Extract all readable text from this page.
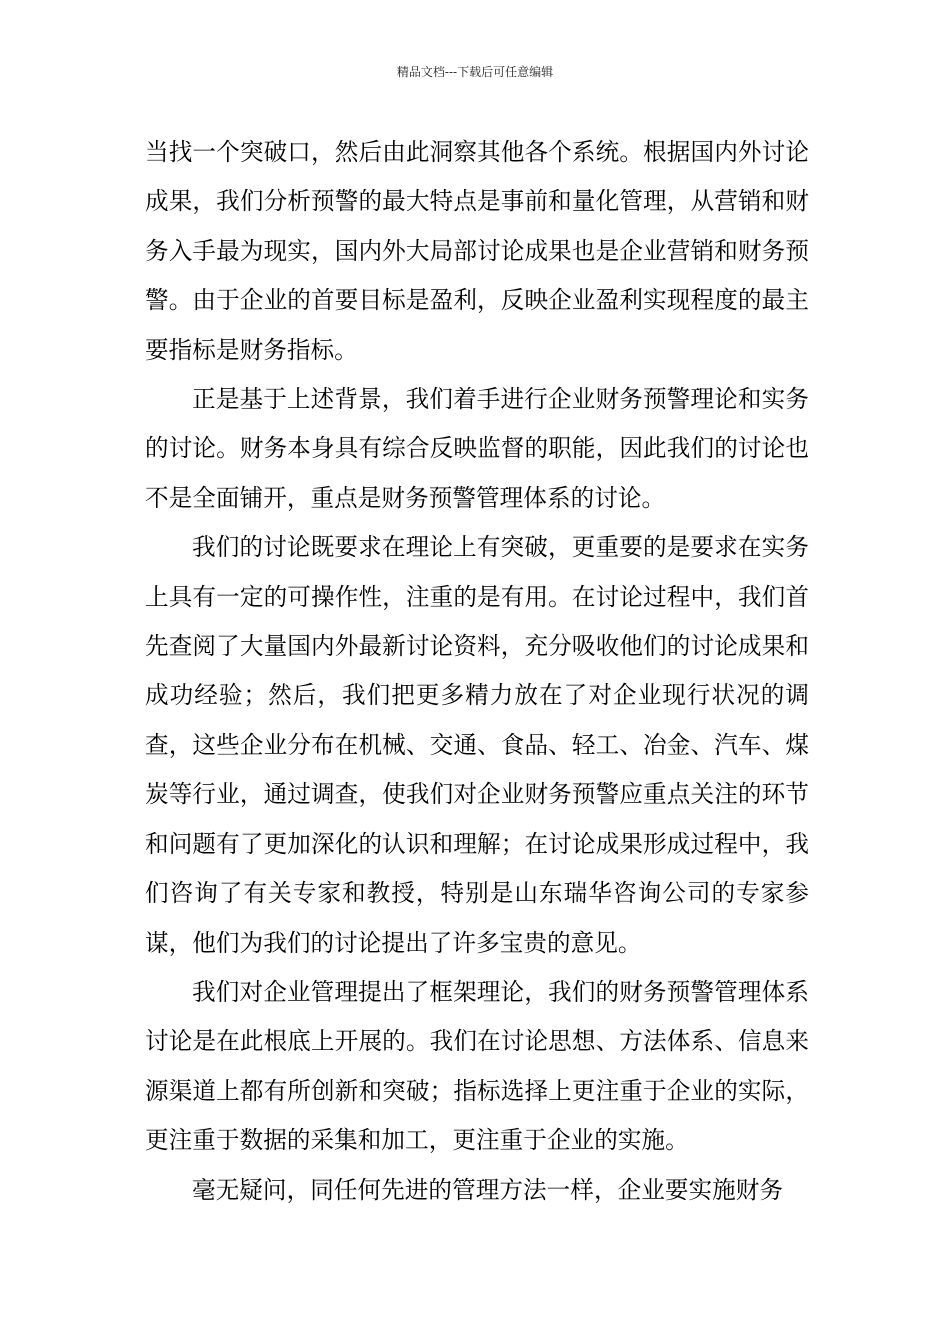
精品文档---下载后可任意编辑

当找一个突破口，然后由此洞察其他各个系统。根据国内外讨论成果，我们分析预警的最大特点是事前和量化管理，从营销和财务入手最为现实，国内外大局部讨论成果也是企业营销和财务预警。由于企业的首要目标是盈利，反映企业盈利实现程度的最主要指标是财务指标。

正是基于上述背景，我们着手进行企业财务预警理论和实务的讨论。财务本身具有综合反映监督的职能，因此我们的讨论也不是全面铺开，重点是财务预警管理体系的讨论。

我们的讨论既要求在理论上有突破，更重要的是要求在实务上具有一定的可操作性，注重的是有用。在讨论过程中，我们首先查阅了大量国内外最新讨论资料，充分吸收他们的讨论成果和成功经验；然后，我们把更多精力放在了对企业现行状况的调查，这些企业分布在机械、交通、食品、轻工、冶金、汽车、煤炭等行业，通过调查，使我们对企业财务预警应重点关注的环节和问题有了更加深化的认识和理解；在讨论成果形成过程中，我们咨询了有关专家和教授，特别是山东瑞华咨询公司的专家参谋，他们为我们的讨论提出了许多宝贵的意见。

我们对企业管理提出了框架理论，我们的财务预警管理体系讨论是在此根底上开展的。我们在讨论思想、方法体系、信息来源渠道上都有所创新和突破；指标选择上更注重于企业的实际，更注重于数据的采集和加工，更注重于企业的实施。

毫无疑问，同任何先进的管理方法一样，企业要实施财务
